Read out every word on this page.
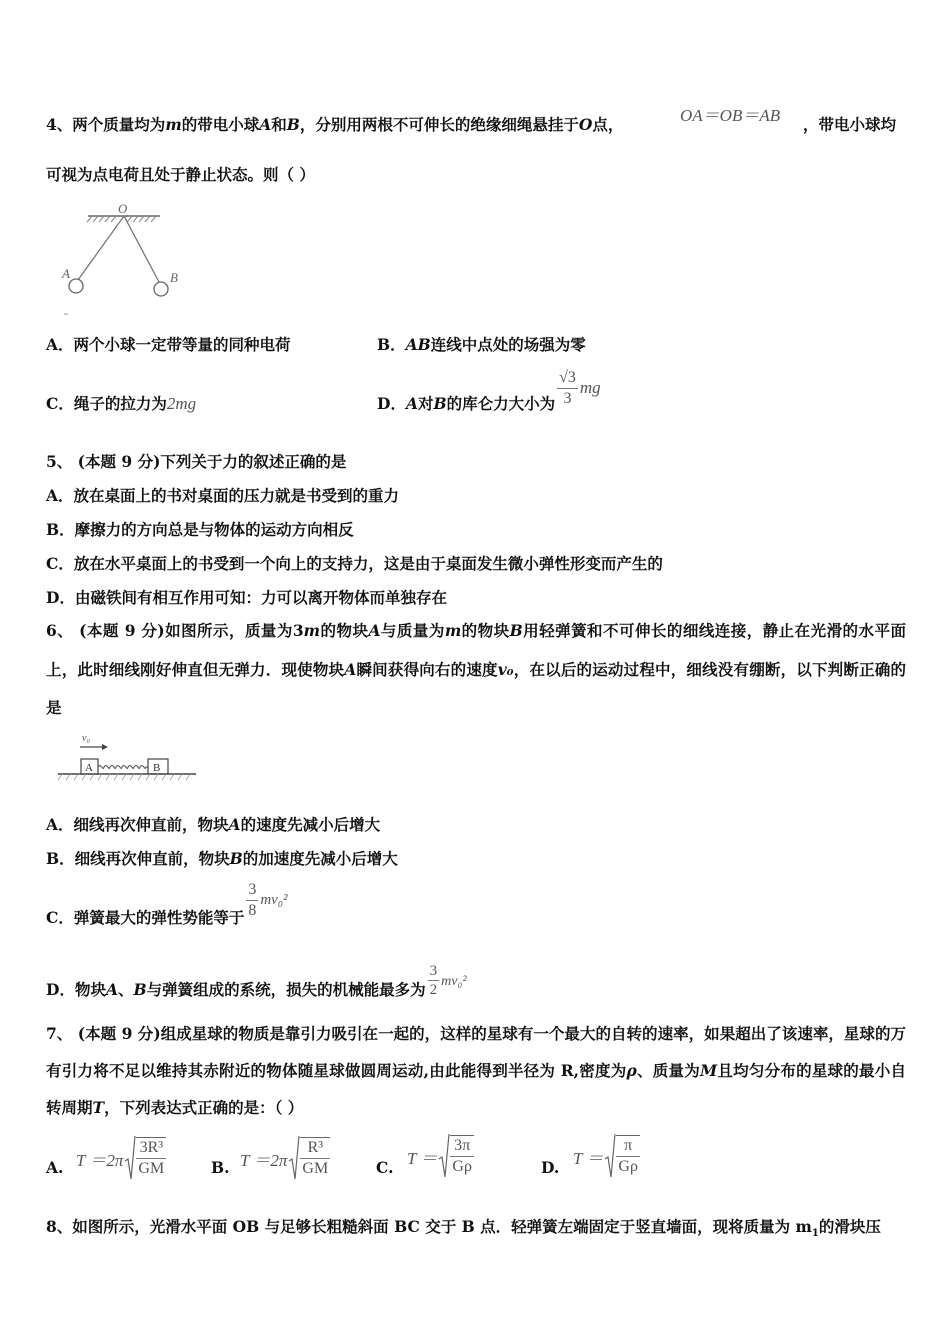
4、两个质量均为m的带电小球A和B，分别用两根不可伸长的绝缘细绳悬挂于O点，	OA＝OB＝AB ，带电小球均
可视为点电荷且处于静止状态。则（ ）
O
A	B
A．两个小球一定带等量的同种电荷	B．AB连线中点处的场强为零
C．绳子的拉力为2mg	D．A对B的库仑力大小为 $\frac{√3}{3}$ mg
5、 (本题 9 分)下列关于力的叙述正确的是
A．放在桌面上的书对桌面的压力就是书受到的重力
B．摩擦力的方向总是与物体的运动方向相反
C．放在水平桌面上的书受到一个向上的支持力，这是由于桌面发生微小弹性形变而产生的
D．由磁铁间有相互作用可知：力可以离开物体而单独存在
6、 (本题 9 分)如图所示，质量为3m的物块A与质量为m的物块B用轻弹簧和不可伸长的细线连接，静止在光滑的水平面上，此时细线刚好伸直但无弹力．现使物块A瞬间获得向右的速度v₀，在以后的运动过程中，细线没有绷断，以下判断正确的是
v₀
A	B
A．细线再次伸直前，物块A的速度先减小后增大
B．细线再次伸直前，物块B的加速度先减小后增大
C．弹簧最大的弹性势能等于 $\frac{3}{8} mv_0^2$
D．物块A、B与弹簧组成的系统，损失的机械能最多为 $\frac{3}{2} mv_0^2$
7、 (本题 9 分)组成星球的物质是靠引力吸引在一起的，这样的星球有一个最大的自转的速率，如果超出了该速率，星球的万有引力将不足以维持其赤附近的物体随星球做圆周运动,由此能得到半径为 R,密度为ρ、质量为M且均匀分布的星球的最小自转周期T，下列表达式正确的是：（ ）
A. $T =2\pi \frac{\text{3R³}}{GM}$	B. $T =2\pi \frac{\text{R³}}{GM}$	C. $T = \frac{3\pi}{G\rho}$	D. $T = \frac{\pi}{G\rho}$
8、如图所示，光滑水平面 OB 与足够长粗糙斜面 BC 交于 B 点．轻弹簧左端固定于竖直墙面，现将质量为 $m_1$的滑块压
